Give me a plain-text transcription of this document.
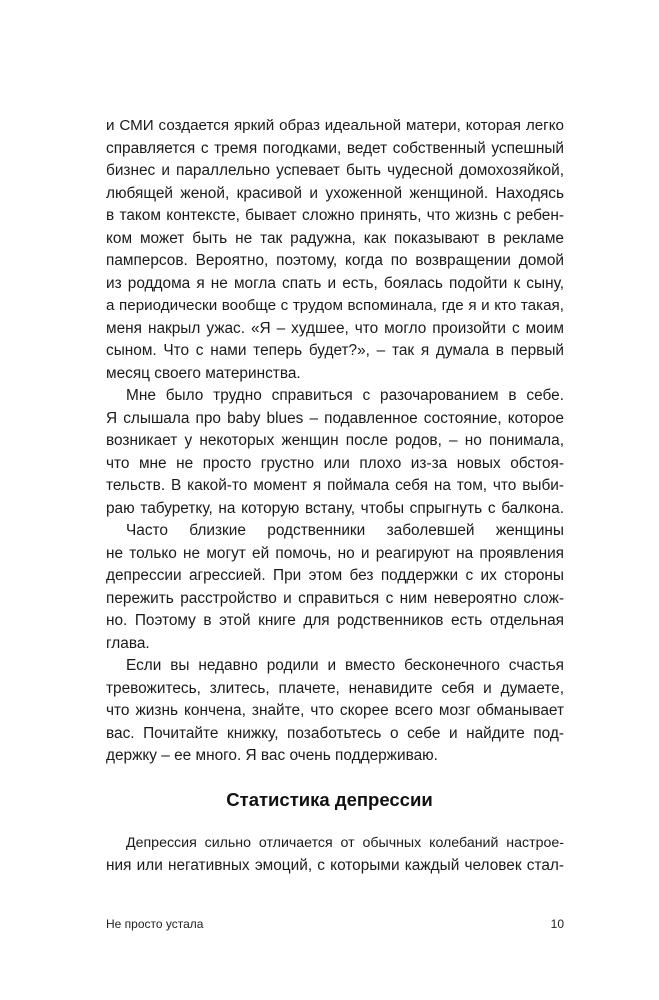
и СМИ создается яркий образ идеальной матери, которая легко
справляется с тремя погодками, ведет собственный успешный
бизнес и параллельно успевает быть чудесной домохозяйкой,
любящей женой, красивой и ухоженной женщиной. Находясь
в таком контексте, бывает сложно принять, что жизнь с ребен-
ком может быть не так радужна, как показывают в рекламе
памперсов. Вероятно, поэтому, когда по возвращении домой
из роддома я не могла спать и есть, боялась подойти к сыну,
а периодически вообще с трудом вспоминала, где я и кто такая,
меня накрыл ужас. «Я – худшее, что могло произойти с моим
сыном. Что с нами теперь будет?», – так я думала в первый
месяц своего материнства.
Мне было трудно справиться с разочарованием в себе.
Я слышала про baby blues – подавленное состояние, которое
возникает у некоторых женщин после родов, – но понимала,
что мне не просто грустно или плохо из-за новых обстоя-
тельств. В какой-то момент я поймала себя на том, что выби-
раю табуретку, на которую встану, чтобы спрыгнуть с балкона.
Часто близкие родственники заболевшей женщины
не только не могут ей помочь, но и реагируют на проявления
депрессии агрессией. При этом без поддержки с их стороны
пережить расстройство и справиться с ним невероятно слож-
но. Поэтому в этой книге для родственников есть отдельная
глава.
Если вы недавно родили и вместо бесконечного счастья
тревожитесь, злитесь, плачете, ненавидите себя и думаете,
что жизнь кончена, знайте, что скорее всего мозг обманывает
вас. Почитайте книжку, позаботьтесь о себе и найдите под-
держку – ее много. Я вас очень поддерживаю.
Статистика депрессии
Депрессия сильно отличается от обычных колебаний настрое-
ния или негативных эмоций, с которыми каждый человек стал-
Не просто устала	10
